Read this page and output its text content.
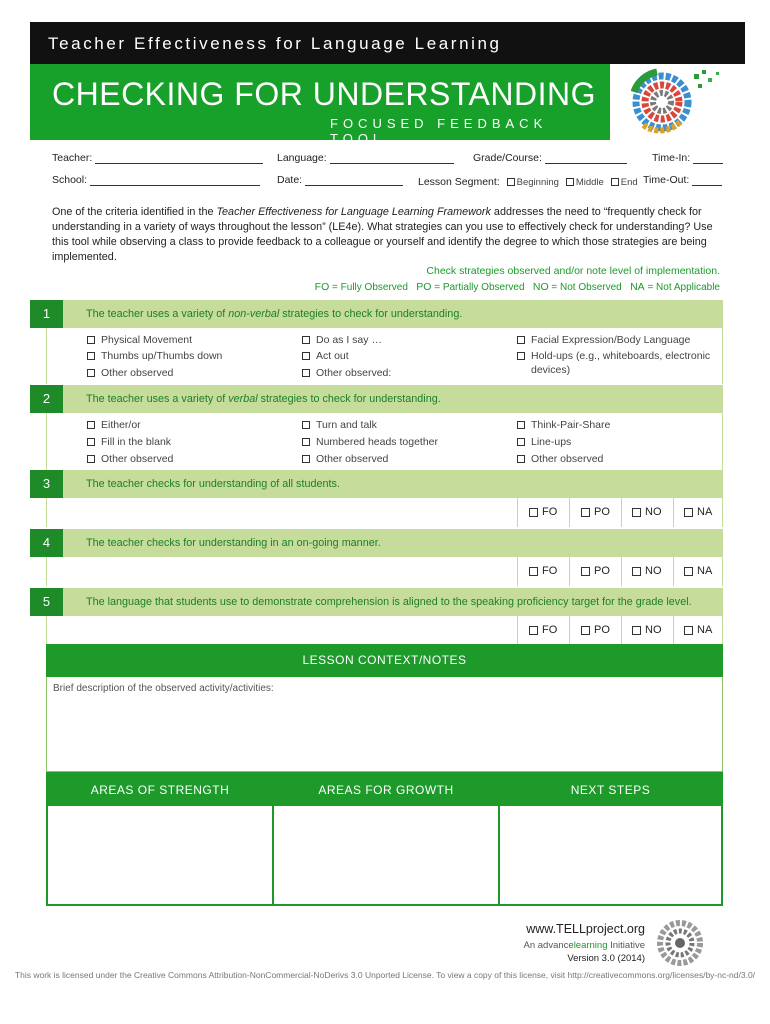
Teacher Effectiveness for Language Learning
CHECKING FOR UNDERSTANDING
FOCUSED FEEDBACK TOOL
Teacher:
School:
Language:
Date:
Grade/Course:
Lesson Segment: Beginning Middle End
Time-In:
Time-Out:
One of the criteria identified in the Teacher Effectiveness for Language Learning Framework addresses the need to “frequently check for understanding in a variety of ways throughout the lesson” (LE4e). What strategies can you use to effectively check for understanding? Use this tool while observing a class to provide feedback to a colleague or yourself and identify the degree to which those strategies are being implemented.
Check strategies observed and/or note level of implementation.
FO = Fully Observed PO = Partially Observed NO = Not Observed NA = Not Applicable
1	The teacher uses a variety of non-verbal strategies to check for understanding.
Physical Movement
Thumbs up/Thumbs down
Other observed
Do as I say …
Act out
Other observed:
Facial Expression/Body Language
Hold-ups (e.g., whiteboards, electronic
devices)
2	The teacher uses a variety of verbal strategies to check for understanding.
Either/or
Fill in the blank
Other observed
Turn and talk
Numbered heads together
Other observed
Think-Pair-Share
Line-ups
Other observed
3	The teacher checks for understanding of all students.
FO	PO	NO	NA
4	The teacher checks for understanding in an on-going manner.
FO	PO	NO	NA
5	The language that students use to demonstrate comprehension is aligned to the speaking proficiency target for the grade level.
FO	PO	NO	NA
LESSON CONTEXT/NOTES
Brief description of the observed activity/activities:
AREAS OF STRENGTH	AREAS FOR GROWTH	NEXT STEPS
www.TELLproject.org
An advancelearning Initiative
Version 3.0 (2014)
This work is licensed under the Creative Commons Attribution-NonCommercial-NoDerivs 3.0 Unported License. To view a copy of this license, visit http://creativecommons.org/licenses/by-nc-nd/3.0/
